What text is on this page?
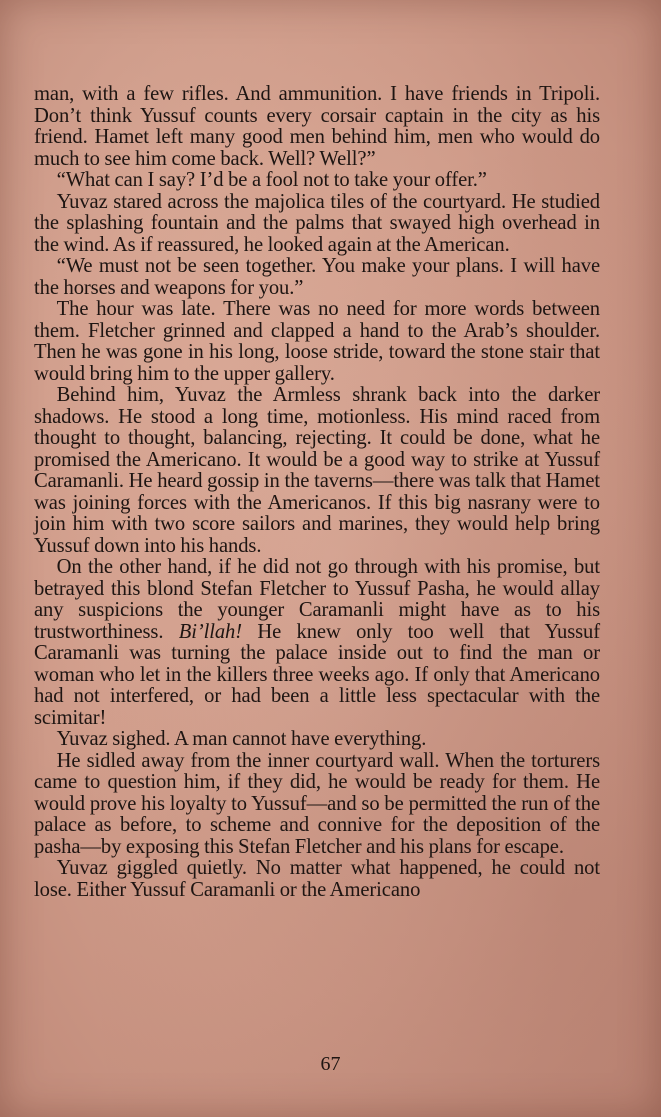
man, with a few rifles. And ammunition. I have friends in Tripoli. Don’t think Yussuf counts every corsair captain in the city as his friend. Hamet left many good men behind him, men who would do much to see him come back. Well? Well?”

“What can I say? I’d be a fool not to take your offer.”

Yuvaz stared across the majolica tiles of the courtyard. He studied the splashing fountain and the palms that swayed high overhead in the wind. As if reassured, he looked again at the American.

“We must not be seen together. You make your plans. I will have the horses and weapons for you.”

The hour was late. There was no need for more words between them. Fletcher grinned and clapped a hand to the Arab’s shoulder. Then he was gone in his long, loose stride, toward the stone stair that would bring him to the upper gallery.

Behind him, Yuvaz the Armless shrank back into the darker shadows. He stood a long time, motionless. His mind raced from thought to thought, balancing, rejecting. It could be done, what he promised the Americano. It would be a good way to strike at Yussuf Caramanli. He heard gossip in the taverns—there was talk that Hamet was joining forces with the Americanos. If this big nasrany were to join him with two score sailors and marines, they would help bring Yussuf down into his hands.

On the other hand, if he did not go through with his promise, but betrayed this blond Stefan Fletcher to Yussuf Pasha, he would allay any suspicions the younger Caramanli might have as to his trustworthiness. Bi’llah! He knew only too well that Yussuf Caramanli was turning the palace inside out to find the man or woman who let in the killers three weeks ago. If only that Americano had not interfered, or had been a little less spectacular with the scimitar!

Yuvaz sighed. A man cannot have everything.

He sidled away from the inner courtyard wall. When the torturers came to question him, if they did, he would be ready for them. He would prove his loyalty to Yussuf—and so be permitted the run of the palace as before, to scheme and connive for the deposition of the pasha—by exposing this Stefan Fletcher and his plans for escape.

Yuvaz giggled quietly. No matter what happened, he could not lose. Either Yussuf Caramanli or the Americano

67
